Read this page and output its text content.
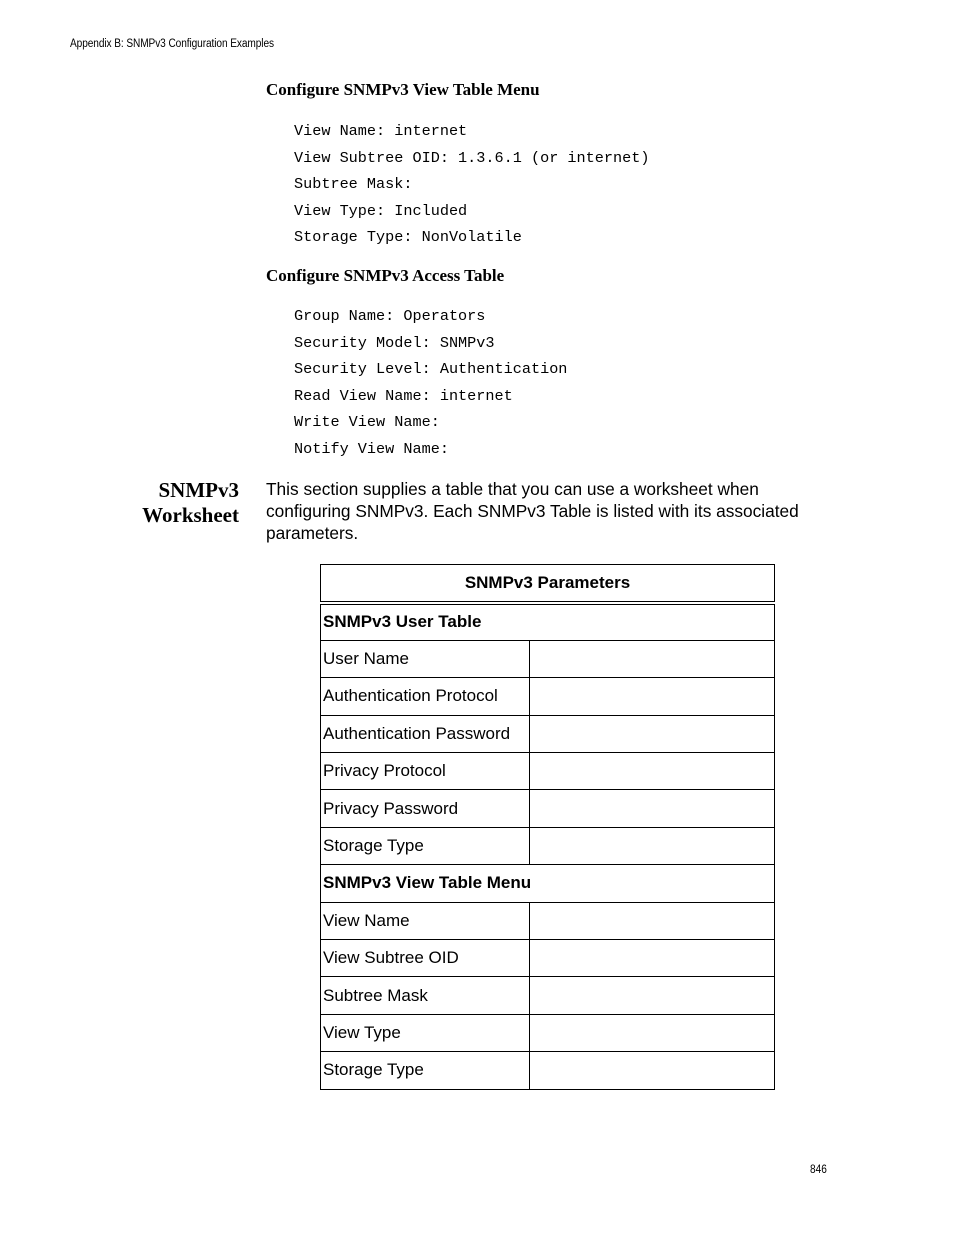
Appendix B: SNMPv3 Configuration Examples
Configure SNMPv3 View Table Menu
View Name: internet
View Subtree OID: 1.3.6.1 (or internet)
Subtree Mask:
View Type: Included
Storage Type: NonVolatile
Configure SNMPv3 Access Table
Group Name: Operators
Security Model: SNMPv3
Security Level: Authentication
Read View Name: internet
Write View Name:
Notify View Name:
SNMPv3
Worksheet
This section supplies a table that you can use a worksheet when configuring SNMPv3. Each SNMPv3 Table is listed with its associated parameters.
SNMPv3 Parameters	
SNMPv3 User Table	
User Name	
Authentication Protocol	
Authentication Password	
Privacy Protocol	
Privacy Password	
Storage Type	
SNMPv3 View Table Menu	
View Name	
View Subtree OID	
Subtree Mask	
View Type	
Storage Type	
846
